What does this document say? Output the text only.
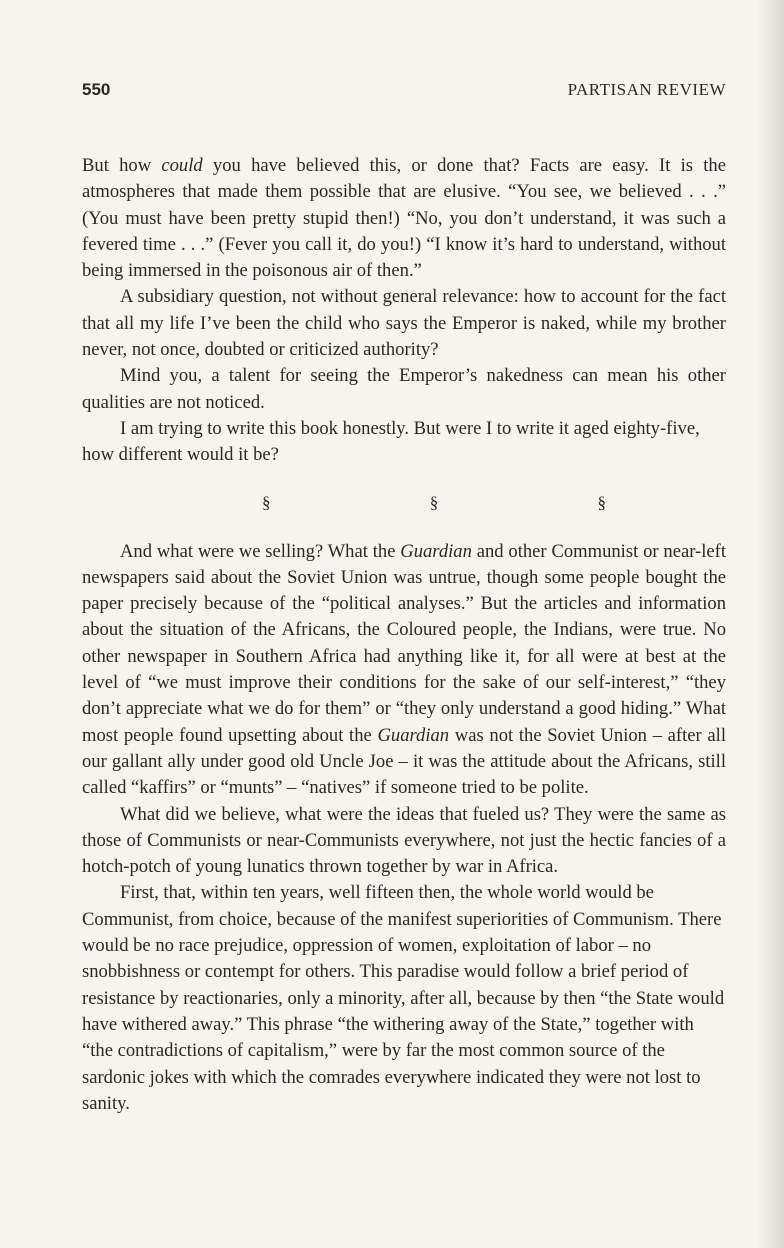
550	PARTISAN REVIEW

But how could you have believed this, or done that? Facts are easy. It is the atmospheres that made them possible that are elusive. “You see, we believed . . .” (You must have been pretty stupid then!) “No, you don’t understand, it was such a fevered time . . .” (Fever you call it, do you!) “I know it’s hard to understand, without being immersed in the poisonous air of then.”

A subsidiary question, not without general relevance: how to account for the fact that all my life I’ve been the child who says the Emperor is naked, while my brother never, not once, doubted or criticized authority?

Mind you, a talent for seeing the Emperor’s nakedness can mean his other qualities are not noticed.

I am trying to write this book honestly. But were I to write it aged eighty-five, how different would it be?

§	§	§

And what were we selling? What the Guardian and other Communist or near-left newspapers said about the Soviet Union was untrue, though some people bought the paper precisely because of the “political analyses.” But the articles and information about the situation of the Africans, the Coloured people, the Indians, were true. No other newspaper in Southern Africa had anything like it, for all were at best at the level of “we must improve their conditions for the sake of our self-interest,” “they don’t appreciate what we do for them” or “they only understand a good hiding.” What most people found upsetting about the Guardian was not the Soviet Union – after all our gallant ally under good old Uncle Joe – it was the attitude about the Africans, still called “kaffirs” or “munts” – “natives” if someone tried to be polite.

What did we believe, what were the ideas that fueled us? They were the same as those of Communists or near-Communists everywhere, not just the hectic fancies of a hotch-potch of young lunatics thrown together by war in Africa.

First, that, within ten years, well fifteen then, the whole world would be Communist, from choice, because of the manifest superiorities of Communism. There would be no race prejudice, oppression of women, exploitation of labor – no snobbishness or contempt for others. This paradise would follow a brief period of resistance by reactionaries, only a minority, after all, because by then “the State would have withered away.” This phrase “the withering away of the State,” together with “the contradictions of capitalism,” were by far the most common source of the sardonic jokes with which the comrades everywhere indicated they were not lost to sanity.
